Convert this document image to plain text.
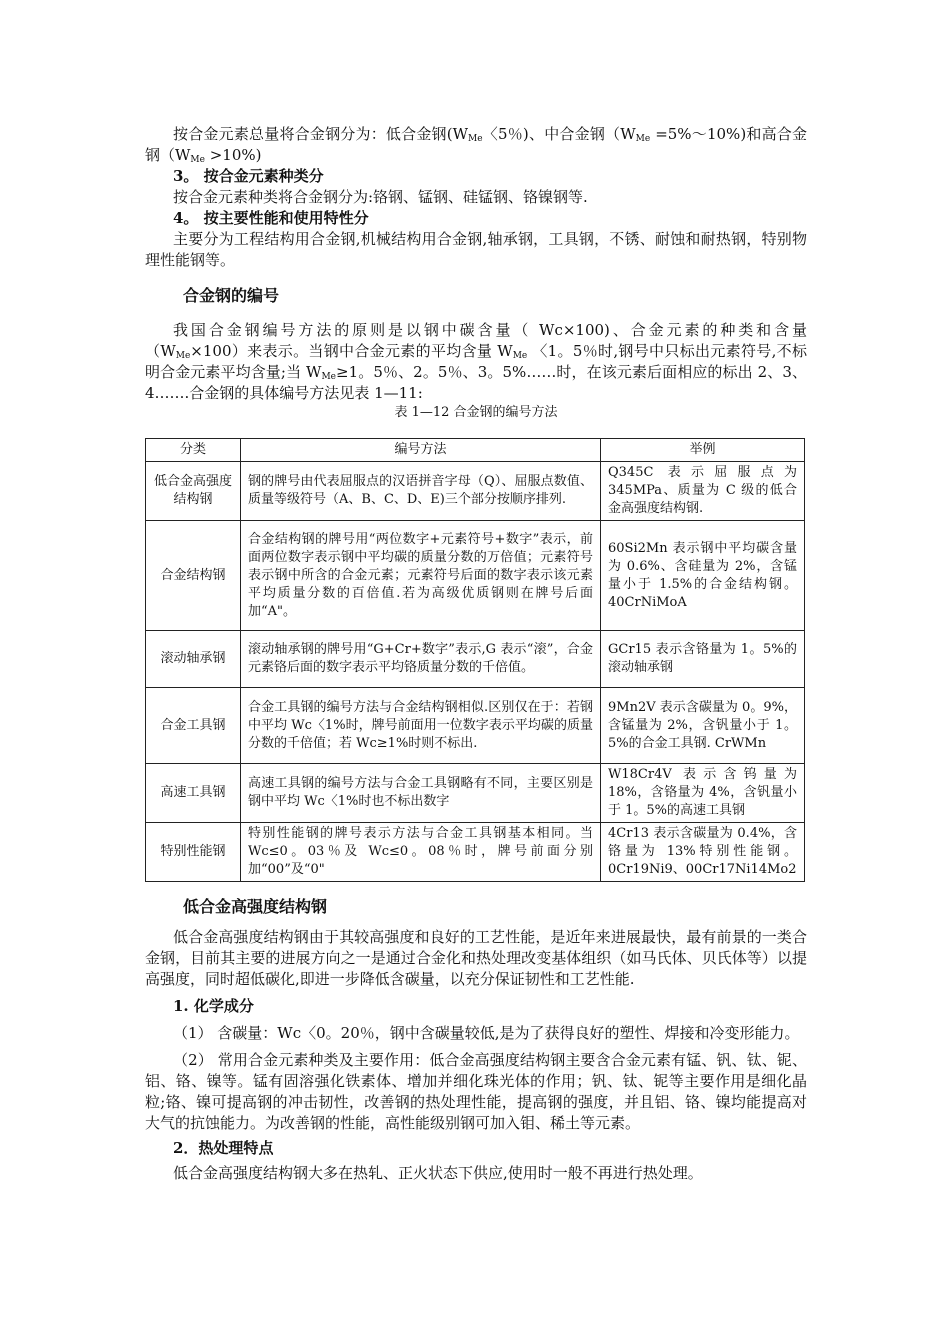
按合金元素总量将合金钢分为：低合金钢($W_{Me}$〈5％)、中合金钢（$W_{Me}$ =5%～10%)和高合金钢$(W_{Me} >10\%)$

3。 按合金元素种类分

按合金元素种类将合金钢分为:铬钢、锰钢、硅锰钢、铬镍钢等.

4。 按主要性能和使用特性分

主要分为工程结构用合金钢,机械结构用合金钢,轴承钢，工具钢，不锈、耐蚀和耐热钢，特别物理性能钢等。

合金钢的编号

我国合金钢编号方法的原则是以钢中碳含量（ Wc×100)、合金元素的种类和含量$(W_{Me}\times 100)$来表示。当钢中合金元素的平均含量 $W_{Me}$ 〈1。5％时,钢号中只标出元素符号,不标明合金元素平均含量;当 $W_{Me}\ge 1$。5％、2。5％、3。5%……时，在该元素后面相应的标出 2、3、4…….合金钢的具体编号方法见表 1—11:

表 1—12 合金钢的编号方法

分类	编号方法	举例
低合金高强度结构钢	钢的牌号由代表屈服点的汉语拼音字母（Q）、屈服点数值、质量等级符号（A、B、C、D、E)三个部分按顺序排列.	Q345C 表示屈服点为 345MPa、质量为 C 级的低合金高强度结构钢.
合金结构钢	合金结构钢的牌号用“两位数字+元素符号+数字”表示，前面两位数字表示钢中平均碳的质量分数的万倍值；元素符号表示钢中所含的合金元素；元素符号后面的数字表示该元素平均质量分数的百倍值.若为高级优质钢则在牌号后面加“A"。	60Si2Mn 表示钢中平均碳含量为 0.6%、含硅量为 2%，含锰量小于 1.5%的合金结构钢。40CrNiMoA
滚动轴承钢	滚动轴承钢的牌号用“G+Cr+数字”表示,G 表示“滚”，合金元素铬后面的数字表示平均铬质量分数的千倍值。	GCr15 表示含铬量为 1。5%的滚动轴承钢
合金工具钢	合金工具钢的编号方法与合金结构钢相似.区别仅在于：若钢中平均 Wc〈1%时，牌号前面用一位数字表示平均碳的质量分数的千倍值；若 Wc≥1%时则不标出.	9Mn2V 表示含碳量为 0。9%，含锰量为 2%，含钒量小于 1。5%的合金工具钢. CrWMn
高速工具钢	高速工具钢的编号方法与合金工具钢略有不同，主要区别是钢中平均 Wc〈1%时也不标出数字	W18Cr4V 表示含钨量为 18%，含铬量为 4%，含钒量小于 1。5%的高速工具钢
特别性能钢	特别性能钢的牌号表示方法与合金工具钢基本相同。当 Wc≤0。03％及 Wc≤0。08％时，牌号前面分别加“00”及“0"	4Cr13 表示含碳量为 0.4%，含铬量为 13%特别性能钢。0Cr19Ni9、00Cr17Ni14Mo2

低合金高强度结构钢

低合金高强度结构钢由于其较高强度和良好的工艺性能，是近年来进展最快，最有前景的一类合金钢，目前其主要的进展方向之一是通过合金化和热处理改变基体组织（如马氏体、贝氏体等）以提高强度，同时超低碳化,即进一步降低含碳量，以充分保证韧性和工艺性能.

1. 化学成分

（1） 含碳量：Wc〈0。20％，钢中含碳量较低,是为了获得良好的塑性、焊接和冷变形能力。

（2） 常用合金元素种类及主要作用：低合金高强度结构钢主要含合金元素有锰、钒、钛、铌、铝、铬、镍等。锰有固溶强化铁素体、增加并细化珠光体的作用；钒、钛、铌等主要作用是细化晶粒;铬、镍可提高钢的冲击韧性，改善钢的热处理性能，提高钢的强度，并且铝、铬、镍均能提高对大气的抗蚀能力。为改善钢的性能，高性能级别钢可加入钼、稀土等元素。

2．热处理特点

低合金高强度结构钢大多在热轧、正火状态下供应,使用时一般不再进行热处理。
